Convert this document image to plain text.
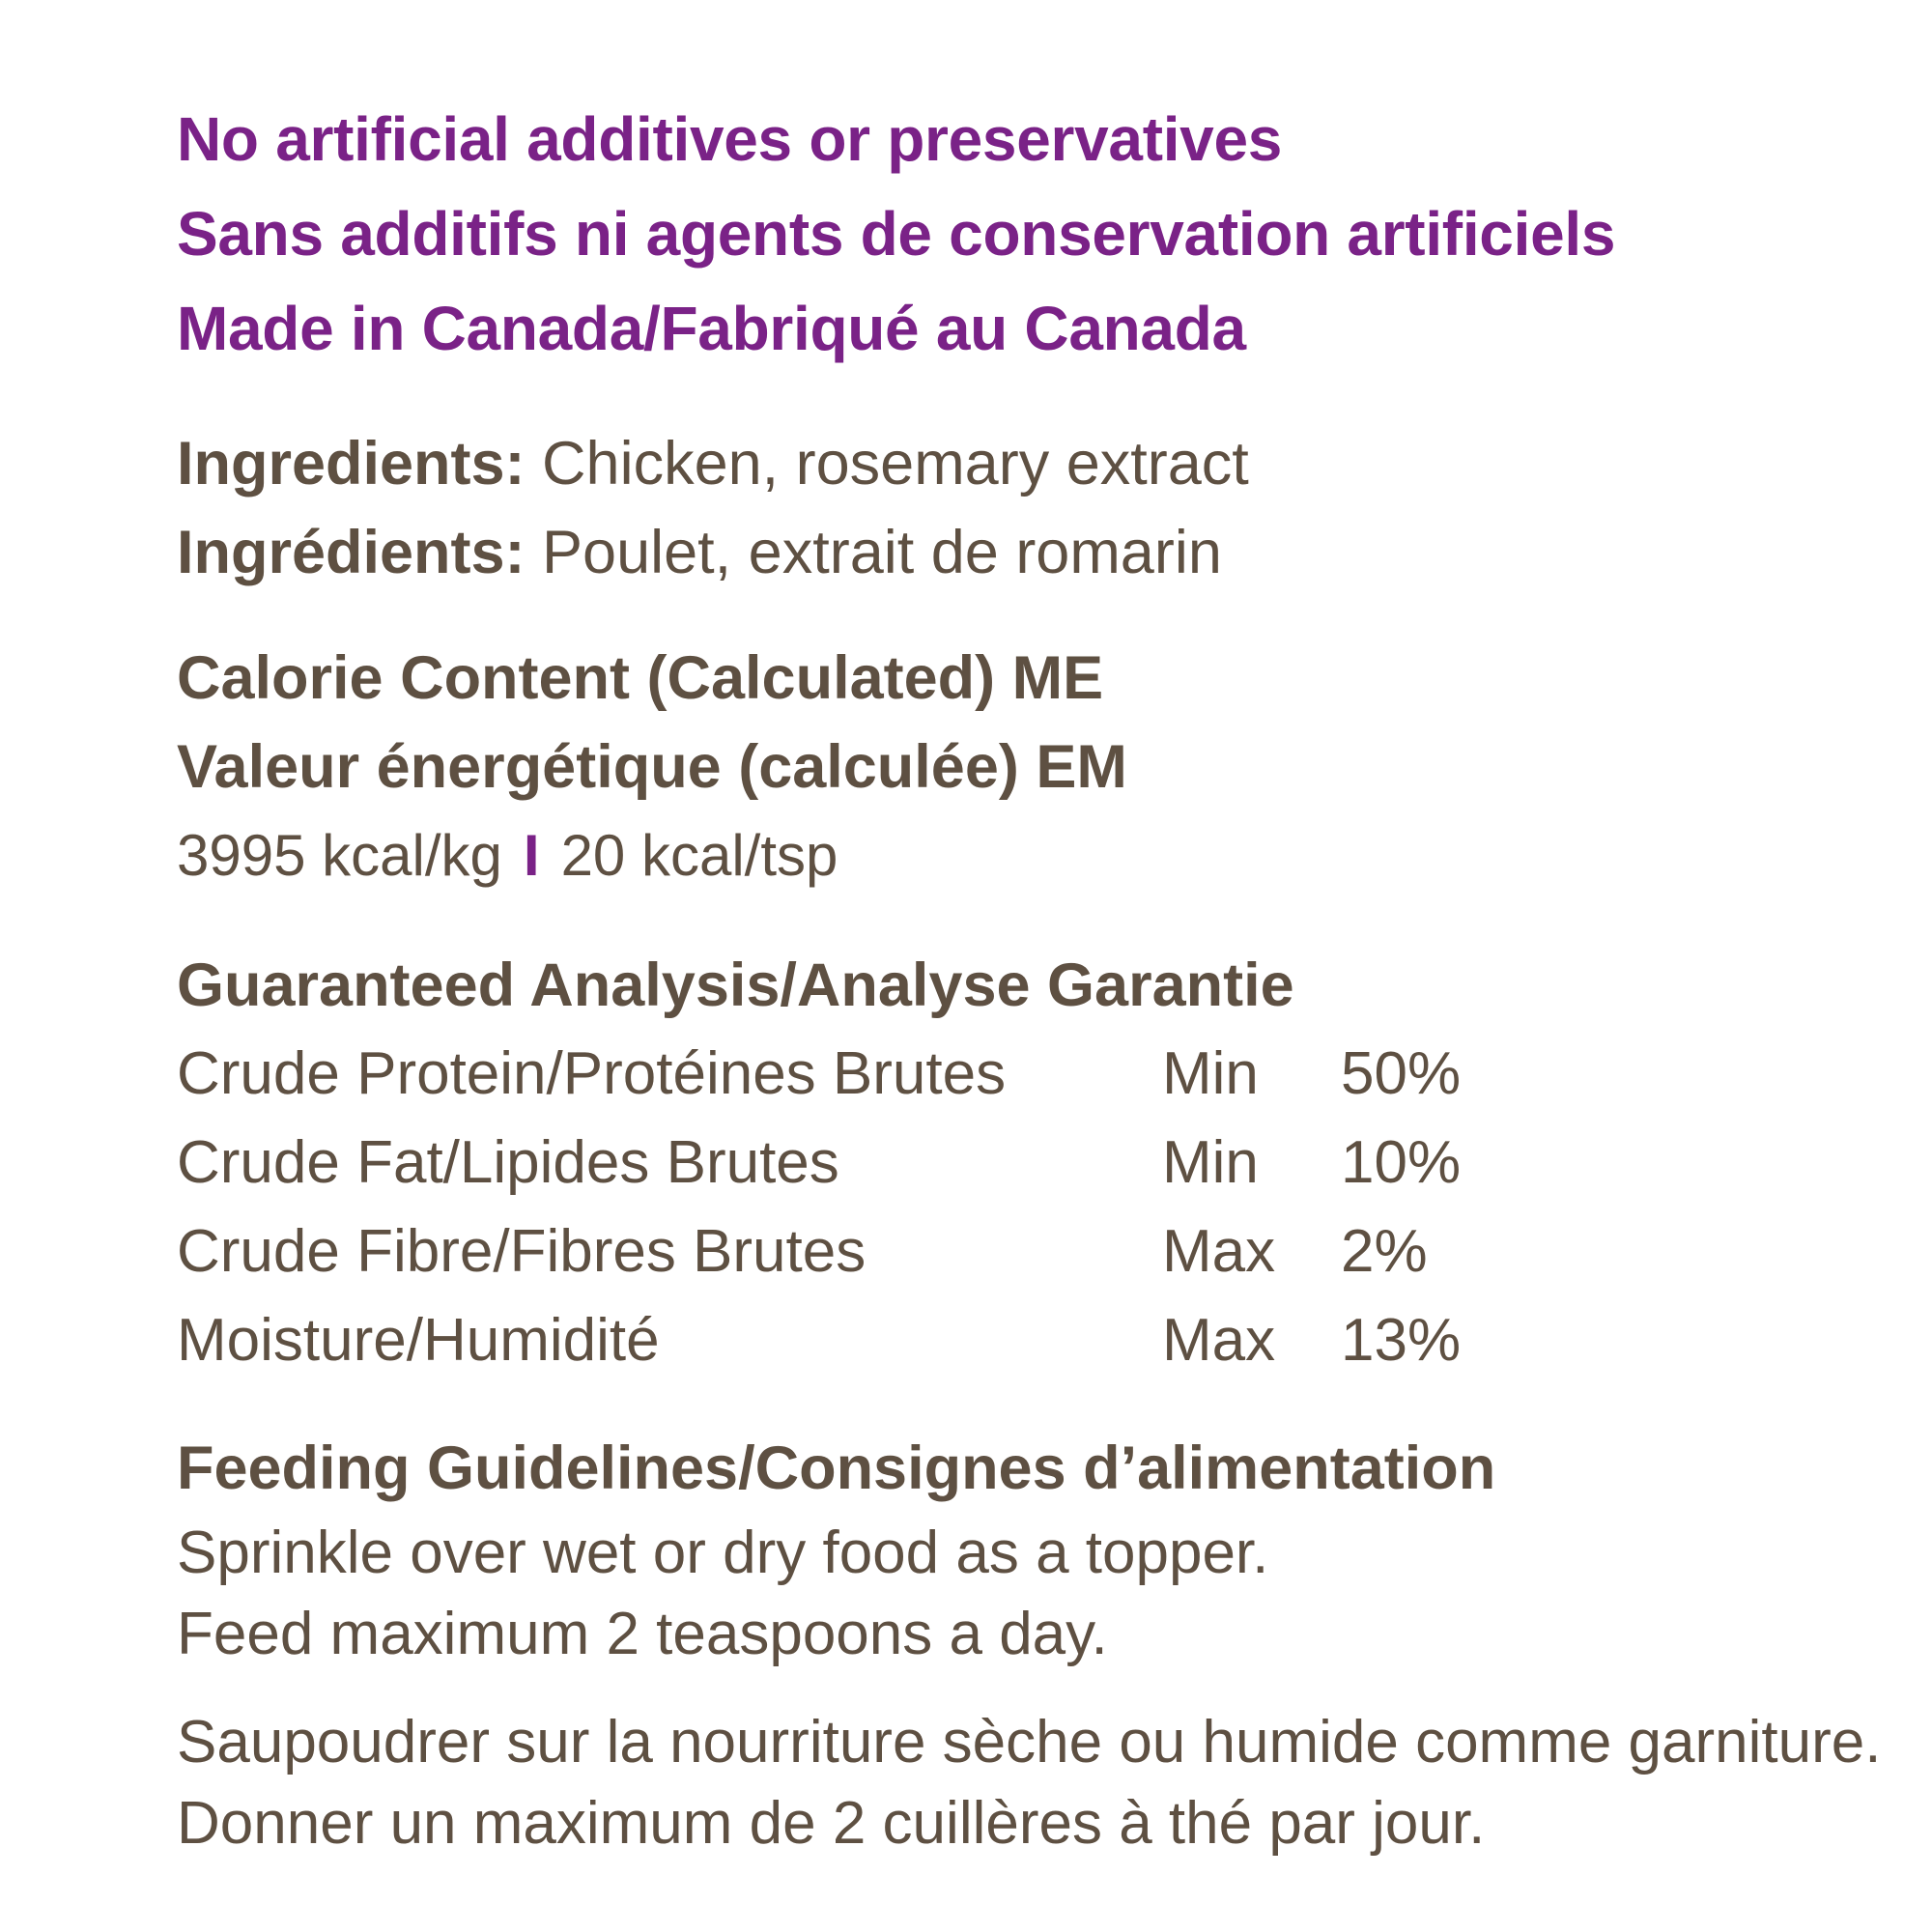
No artificial additives or preservatives
Sans additifs ni agents de conservation artificiels
Made in Canada/Fabriqué au Canada
Ingredients: Chicken, rosemary extract
Ingrédients: Poulet, extrait de romarin
Calorie Content (Calculated) ME
Valeur énergétique (calculée) EM
3995 kcal/kg I 20 kcal/tsp
Guaranteed Analysis/Analyse Garantie
Crude Protein/Protéines Brutes	Min	50%
Crude Fat/Lipides Brutes	Min	10%
Crude Fibre/Fibres Brutes	Max	2%
Moisture/Humidité	Max	13%
Feeding Guidelines/Consignes d’alimentation
Sprinkle over wet or dry food as a topper.
Feed maximum 2 teaspoons a day.
Saupoudrer sur la nourriture sèche ou humide comme garniture.
Donner un maximum de 2 cuillères à thé par jour.
